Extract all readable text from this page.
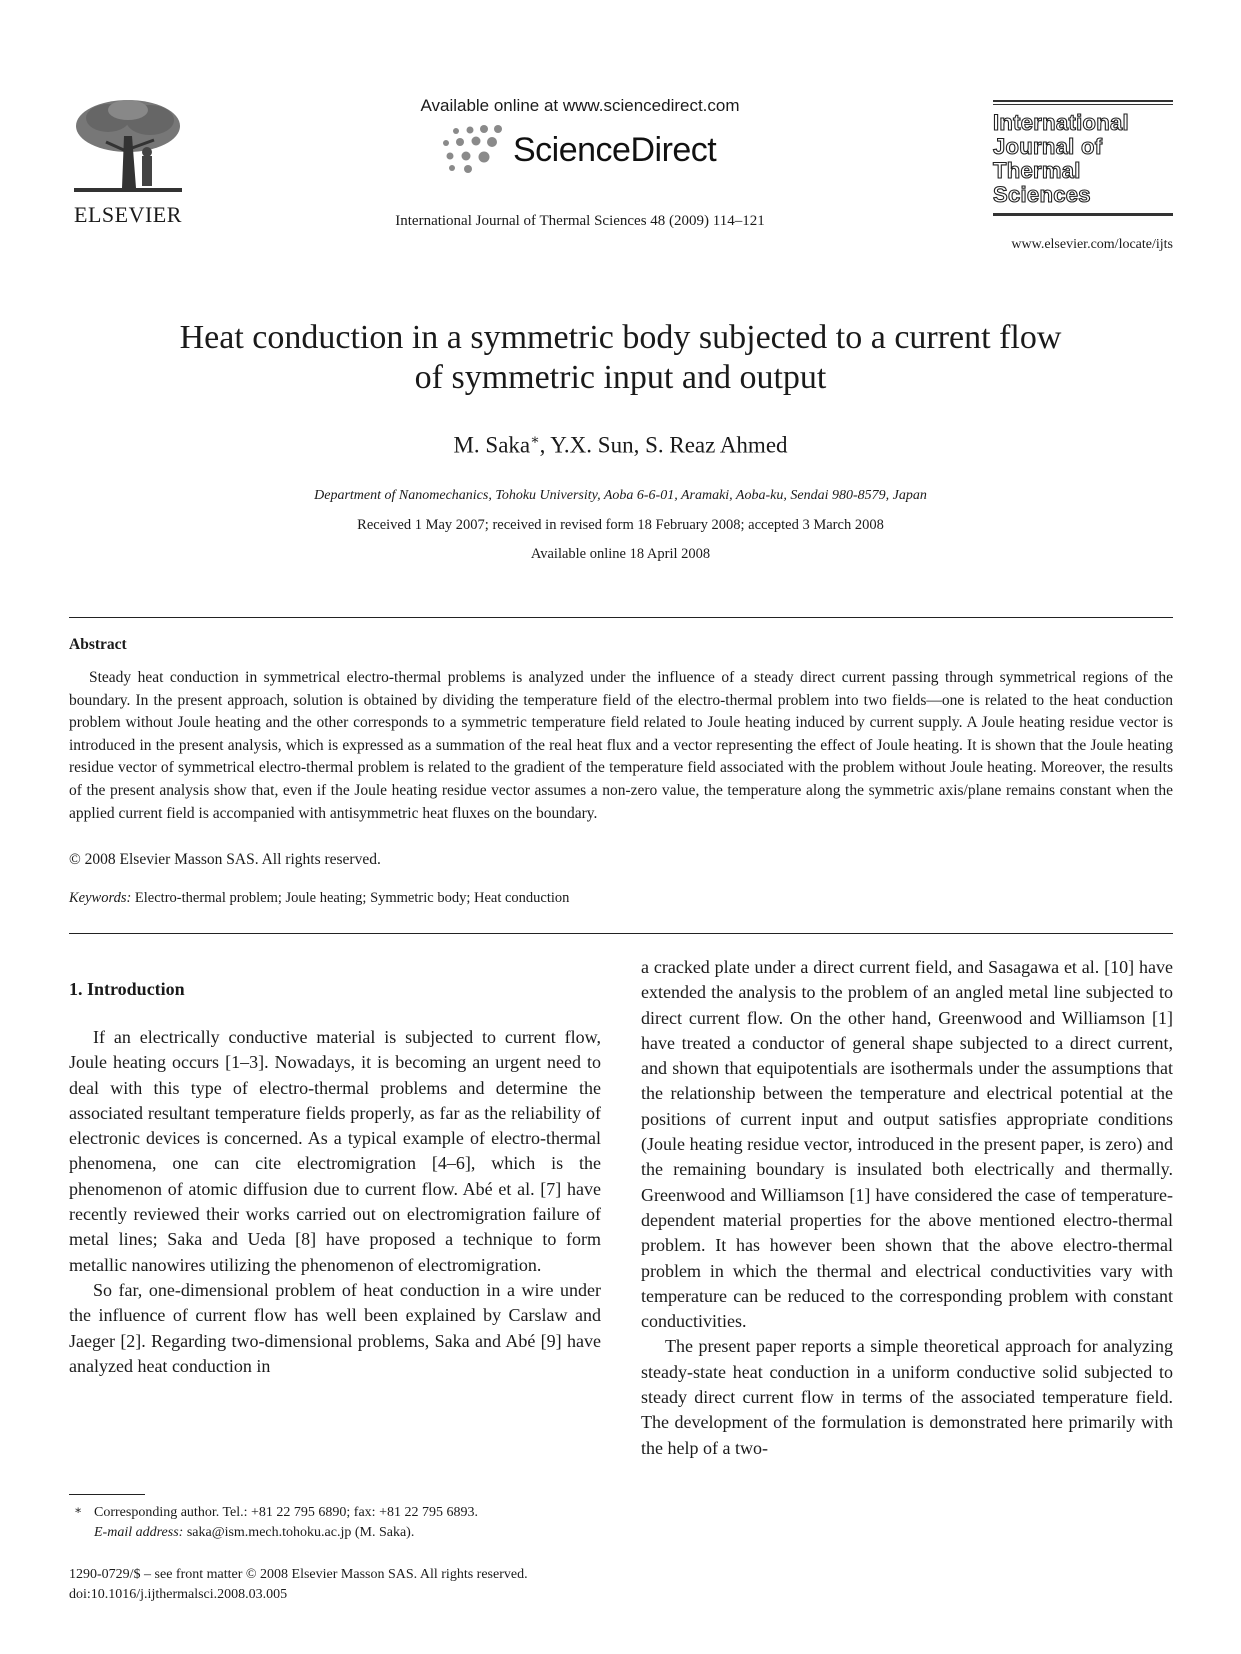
ELSEVIER
Available online at www.sciencedirect.com
ScienceDirect
International Journal of Thermal Sciences 48 (2009) 114–121
International
Journal of
Thermal
Sciences
www.elsevier.com/locate/ijts
Heat conduction in a symmetric body subjected to a current flow
of symmetric input and output
M. Saka∗, Y.X. Sun, S. Reaz Ahmed
Department of Nanomechanics, Tohoku University, Aoba 6-6-01, Aramaki, Aoba-ku, Sendai 980-8579, Japan
Received 1 May 2007; received in revised form 18 February 2008; accepted 3 March 2008
Available online 18 April 2008
Abstract

Steady heat conduction in symmetrical electro-thermal problems is analyzed under the influence of a steady direct current passing through symmetrical regions of the boundary. In the present approach, solution is obtained by dividing the temperature field of the electro-thermal problem into two fields—one is related to the heat conduction problem without Joule heating and the other corresponds to a symmetric temperature field related to Joule heating induced by current supply. A Joule heating residue vector is introduced in the present analysis, which is expressed as a summation of the real heat flux and a vector representing the effect of Joule heating. It is shown that the Joule heating residue vector of symmetrical electro-thermal problem is related to the gradient of the temperature field associated with the problem without Joule heating. Moreover, the results of the present analysis show that, even if the Joule heating residue vector assumes a non-zero value, the temperature along the symmetric axis/plane remains constant when the applied current field is accompanied with antisymmetric heat fluxes on the boundary.

© 2008 Elsevier Masson SAS. All rights reserved.
Keywords: Electro-thermal problem; Joule heating; Symmetric body; Heat conduction
1. Introduction

If an electrically conductive material is subjected to current flow, Joule heating occurs [1–3]. Nowadays, it is becoming an urgent need to deal with this type of electro-thermal problems and determine the associated resultant temperature fields properly, as far as the reliability of electronic devices is concerned. As a typical example of electro-thermal phenomena, one can cite electromigration [4–6], which is the phenomenon of atomic diffusion due to current flow. Abé et al. [7] have recently reviewed their works carried out on electromigration failure of metal lines; Saka and Ueda [8] have proposed a technique to form metallic nanowires utilizing the phenomenon of electromigration.

So far, one-dimensional problem of heat conduction in a wire under the influence of current flow has well been explained by Carslaw and Jaeger [2]. Regarding two-dimensional problems, Saka and Abé [9] have analyzed heat conduction in

a cracked plate under a direct current field, and Sasagawa et al. [10] have extended the analysis to the problem of an angled metal line subjected to direct current flow. On the other hand, Greenwood and Williamson [1] have treated a conductor of general shape subjected to a direct current, and shown that equipotentials are isothermals under the assumptions that the relationship between the temperature and electrical potential at the positions of current input and output satisfies appropriate conditions (Joule heating residue vector, introduced in the present paper, is zero) and the remaining boundary is insulated both electrically and thermally. Greenwood and Williamson [1] have considered the case of temperature-dependent material properties for the above mentioned electro-thermal problem. It has however been shown that the above electro-thermal problem in which the thermal and electrical conductivities vary with temperature can be reduced to the corresponding problem with constant conductivities.

The present paper reports a simple theoretical approach for analyzing steady-state heat conduction in a uniform conductive solid subjected to steady direct current flow in terms of the associated temperature field. The development of the formulation is demonstrated here primarily with the help of a two-

∗ Corresponding author. Tel.: +81 22 795 6890; fax: +81 22 795 6893.
E-mail address: saka@ism.mech.tohoku.ac.jp (M. Saka).
1290-0729/$ – see front matter © 2008 Elsevier Masson SAS. All rights reserved.
doi:10.1016/j.ijthermalsci.2008.03.005
